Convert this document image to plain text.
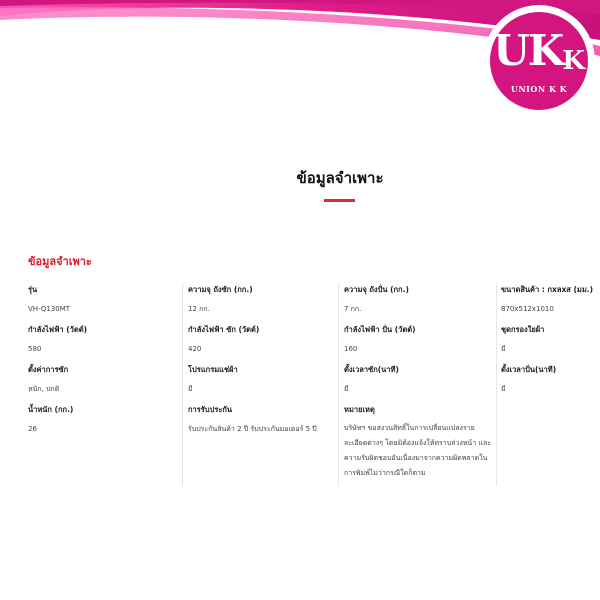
UKK
UNION K K
ข้อมูลจำเพาะ
ข้อมูลจำเพาะ
รุ่น
VH-Q130MT
กำลังไฟฟ้า (วัตต์)
580
ตั้งค่าการซัก
หนัก, ปกติ
น้ำหนัก (กก.)
26
ความจุ ถังซัก (กก.)
12 กก.
กำลังไฟฟ้า ซัก (วัตต์)
420
โปรแกรมแช่ผ้า
มี
การรับประกัน
รับประกันสินค้า 2 ปี รับประกันมอเตอร์ 5 ปี
ความจุ ถังปั่น (กก.)
7 กก.
กำลังไฟฟ้า ปั่น (วัตต์)
160
ตั้งเวลาซัก(นาที)
มี
หมายเหตุ
บริษัทฯ ขอสงวนสิทธิ์ในการเปลี่ยนแปลงรายละเอียดต่างๆ โดยมิต้องแจ้งให้ทราบล่วงหน้า และความรับผิดชอบอันเนื่องมาจากความผิดพลาดในการพิมพ์ไม่ว่ากรณีใดก็ตาม
ขนาดสินค้า : กxลxส (มม.)
870x512x1010
ชุดกรองใยผ้า
มี
ตั้งเวลาปั่น(นาที)
มี
